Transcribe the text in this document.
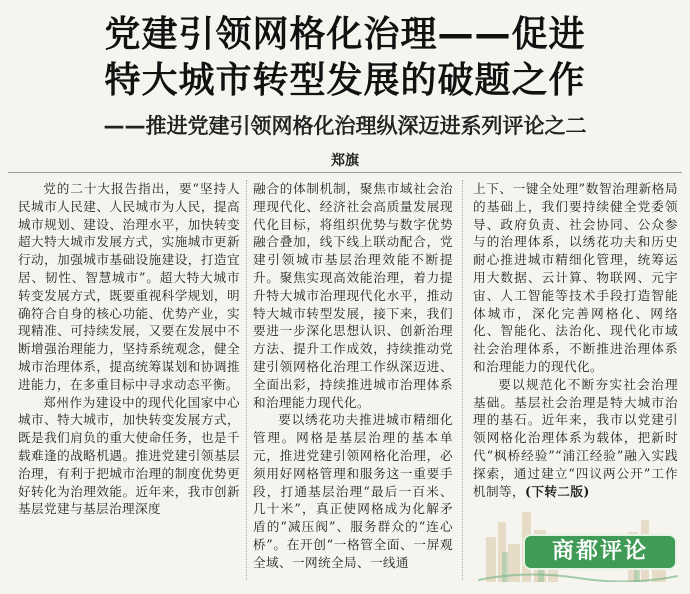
党建引领网格化治理——促进
特大城市转型发展的破题之作
——推进党建引领网格化治理纵深迈进系列评论之二
郑旗

党的二十大报告指出，要“坚持人民城市人民建、人民城市为人民，提高城市规划、建设、治理水平，加快转变超大特大城市发展方式，实施城市更新行动，加强城市基础设施建设，打造宜居、韧性、智慧城市”。超大特大城市转变发展方式，既要重视科学规划，明确符合自身的核心功能、优势产业，实现精准、可持续发展，又要在发展中不断增强治理能力，坚持系统观念，健全城市治理体系，提高统筹谋划和协调推进能力，在多重目标中寻求动态平衡。

郑州作为建设中的现代化国家中心城市、特大城市，加快转变发展方式，既是我们肩负的重大使命任务，也是千载难逢的战略机遇。推进党建引领基层治理，有利于把城市治理的制度优势更好转化为治理效能。近年来，我市创新基层党建与基层治理深度

融合的体制机制，聚焦市域社会治理现代化、经济社会高质量发展现代化目标，将组织优势与数字优势融合叠加，线下线上联动配合，党建引领城市基层治理效能不断提升。聚焦实现高效能治理，着力提升特大城市治理现代化水平，推动特大城市转型发展，接下来，我们要进一步深化思想认识、创新治理方法、提升工作成效，持续推动党建引领网格化治理工作纵深迈进、全面出彩，持续推进城市治理体系和治理能力现代化。

要以绣花功夫推进城市精细化管理。网格是基层治理的基本单元，推进党建引领网格化治理，必须用好网格管理和服务这一重要手段，打通基层治理“最后一百米、几十米”，真正使网格成为化解矛盾的“减压阀”、服务群众的“连心桥”。在开创“一格管全面、一屏观全域、一网统全局、一线通

上下、一键全处理”数智治理新格局的基础上，我们要持续健全党委领导、政府负责、社会协同、公众参与的治理体系，以绣花功夫和历史耐心推进城市精细化管理，统筹运用大数据、云计算、物联网、元宇宙、人工智能等技术手段打造智能体城市，深化完善网格化、网络化、智能化、法治化、现代化市域社会治理体系，不断推进治理体系和治理能力的现代化。

要以规范化不断夯实社会治理基础。基层社会治理是特大城市治理的基石。近年来，我市以党建引领网格化治理体系为载体，把新时代“枫桥经验”“浦江经验”融入实践探索，通过建立“四议两公开”工作机制等，(下转二版)

商都评论
